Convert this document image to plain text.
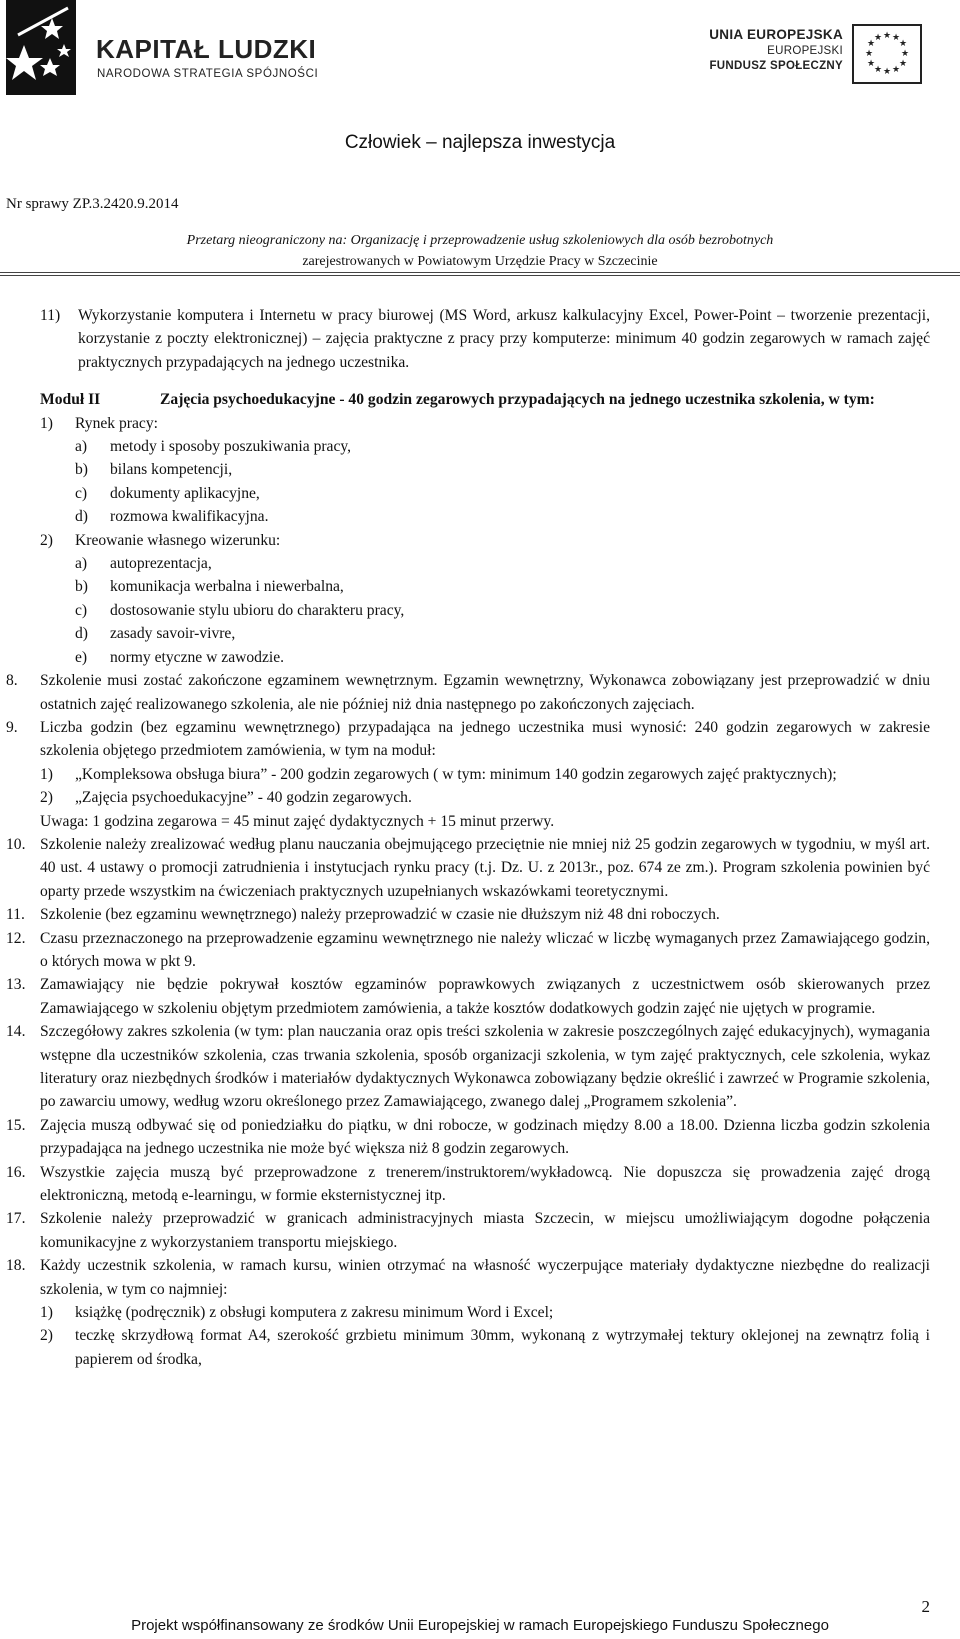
KAPITAŁ LUDZKI
NARODOWA STRATEGIA SPÓJNOŚCI
UNIA EUROPEJSKA
EUROPEJSKI
FUNDUSZ SPOŁECZNY
★ ★
★
★
★
★
★
★
★
★
★
★
Człowiek – najlepsza inwestycja
Nr sprawy ZP.3.2420.9.2014
Przetarg nieograniczony na: Organizację i przeprowadzenie usług szkoleniowych dla osób bezrobotnych
zarejestrowanych w Powiatowym Urzędzie Pracy w Szczecinie
11) Wykorzystanie komputera i Internetu w pracy biurowej (MS Word, arkusz kalkulacyjny Excel, Power-Point – tworzenie prezentacji, korzystanie z poczty elektronicznej) – zajęcia praktyczne z pracy przy komputerze: minimum 40 godzin zegarowych w ramach zajęć praktycznych przypadających na jednego uczestnika.
Moduł II	Zajęcia psychoedukacyjne - 40 godzin zegarowych przypadających na jednego uczestnika szkolenia, w tym:
1) Rynek pracy:
a) metody i sposoby poszukiwania pracy,
b) bilans kompetencji,
c) dokumenty aplikacyjne,
d) rozmowa kwalifikacyjna.
2) Kreowanie własnego wizerunku:
a) autoprezentacja,
b) komunikacja werbalna i niewerbalna,
c) dostosowanie stylu ubioru do charakteru pracy,
d) zasady savoir-vivre,
e) normy etyczne w zawodzie.
8. Szkolenie musi zostać zakończone egzaminem wewnętrznym. Egzamin wewnętrzny, Wykonawca zobowiązany jest przeprowadzić w dniu ostatnich zajęć realizowanego szkolenia, ale nie później niż dnia następnego po zakończonych zajęciach.
9. Liczba godzin (bez egzaminu wewnętrznego) przypadająca na jednego uczestnika musi wynosić: 240 godzin zegarowych w zakresie szkolenia objętego przedmiotem zamówienia, w tym na moduł:
1) „Kompleksowa obsługa biura” - 200 godzin zegarowych ( w tym: minimum 140 godzin zegarowych zajęć praktycznych);
2) „Zajęcia psychoedukacyjne” - 40 godzin zegarowych.
Uwaga: 1 godzina zegarowa = 45 minut zajęć dydaktycznych + 15 minut przerwy.
10. Szkolenie należy zrealizować według planu nauczania obejmującego przeciętnie nie mniej niż 25 godzin zegarowych w tygodniu, w myśl art. 40 ust. 4 ustawy o promocji zatrudnienia i instytucjach rynku pracy (t.j. Dz. U. z 2013r., poz. 674 ze zm.). Program szkolenia powinien być oparty przede wszystkim na ćwiczeniach praktycznych uzupełnianych wskazówkami teoretycznymi.
11. Szkolenie (bez egzaminu wewnętrznego) należy przeprowadzić w czasie nie dłuższym niż 48 dni roboczych.
12. Czasu przeznaczonego na przeprowadzenie egzaminu wewnętrznego nie należy wliczać w liczbę wymaganych przez Zamawiającego godzin, o których mowa w pkt 9.
13. Zamawiający nie będzie pokrywał kosztów egzaminów poprawkowych związanych z uczestnictwem osób skierowanych przez Zamawiającego w szkoleniu objętym przedmiotem zamówienia, a także kosztów dodatkowych godzin zajęć nie ujętych w programie.
14. Szczegółowy zakres szkolenia (w tym: plan nauczania oraz opis treści szkolenia w zakresie poszczególnych zajęć edukacyjnych), wymagania wstępne dla uczestników szkolenia, czas trwania szkolenia, sposób organizacji szkolenia, w tym zajęć praktycznych, cele szkolenia, wykaz literatury oraz niezbędnych środków i materiałów dydaktycznych Wykonawca zobowiązany będzie określić i zawrzeć w Programie szkolenia, po zawarciu umowy, według wzoru określonego przez Zamawiającego, zwanego dalej „Programem szkolenia”.
15. Zajęcia muszą odbywać się od poniedziałku do piątku, w dni robocze, w godzinach między 8.00 a 18.00. Dzienna liczba godzin szkolenia przypadająca na jednego uczestnika nie może być większa niż 8 godzin zegarowych.
16. Wszystkie zajęcia muszą być przeprowadzone z trenerem/instruktorem/wykładowcą. Nie dopuszcza się prowadzenia zajęć drogą elektroniczną, metodą e-learningu, w formie eksternistycznej itp.
17. Szkolenie należy przeprowadzić w granicach administracyjnych miasta Szczecin, w miejscu umożliwiającym dogodne połączenia komunikacyjne z wykorzystaniem transportu miejskiego.
18. Każdy uczestnik szkolenia, w ramach kursu, winien otrzymać na własność wyczerpujące materiały dydaktyczne niezbędne do realizacji szkolenia, w tym co najmniej:
1) książkę (podręcznik) z obsługi komputera z zakresu minimum Word i Excel;
2) teczkę skrzydłową format A4, szerokość grzbietu minimum 30mm, wykonaną z wytrzymałej tektury oklejonej na zewnątrz folią i papierem od środka,
2
Projekt współfinansowany ze środków Unii Europejskiej w ramach Europejskiego Funduszu Społecznego
